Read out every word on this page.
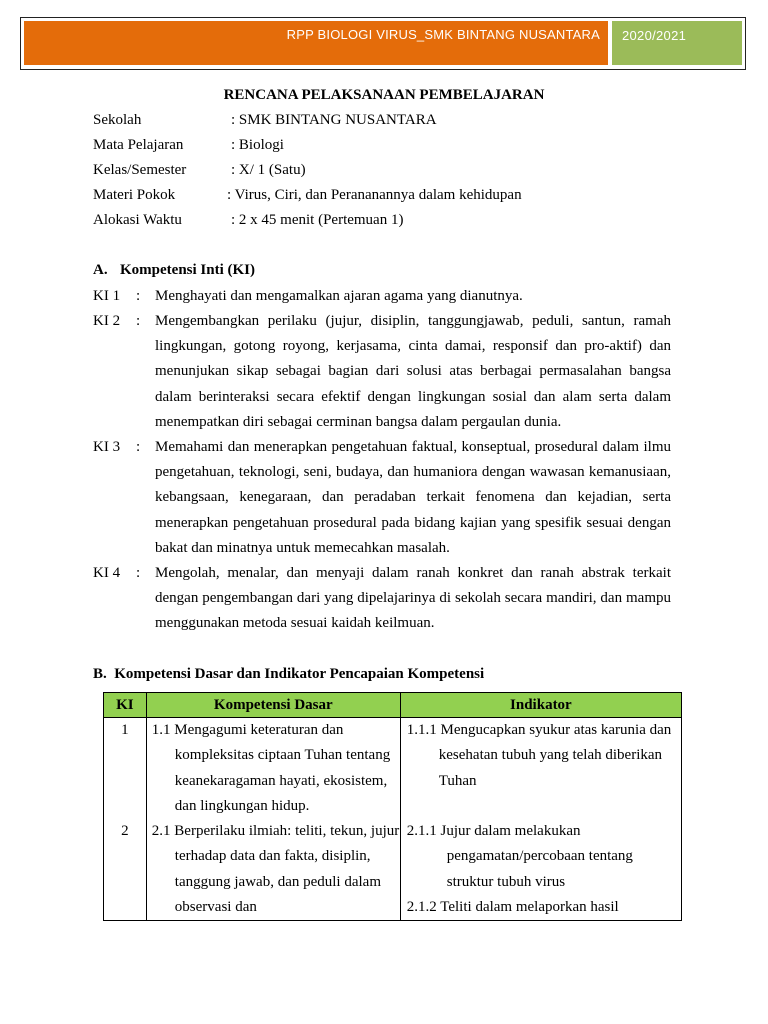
RPP BIOLOGI VIRUS_SMK BINTANG NUSANTARA	2020/2021
RENCANA PELAKSANAAN PEMBELAJARAN
Sekolah	: SMK BINTANG NUSANTARA
Mata Pelajaran	: Biologi
Kelas/Semester	: X/ 1 (Satu)
Materi Pokok	: Virus, Ciri, dan Perananannya dalam kehidupan
Alokasi Waktu	: 2 x 45 menit (Pertemuan 1)
A. Kompetensi Inti (KI)
KI 1 : Menghayati dan mengamalkan ajaran agama yang dianutnya.
KI 2 : Mengembangkan perilaku (jujur, disiplin, tanggungjawab, peduli, santun, ramah lingkungan, gotong royong, kerjasama, cinta damai, responsif dan pro-aktif) dan menunjukan sikap sebagai bagian dari solusi atas berbagai permasalahan bangsa dalam berinteraksi secara efektif dengan lingkungan sosial dan alam serta dalam menempatkan diri sebagai cerminan bangsa dalam pergaulan dunia.
KI 3 : Memahami dan menerapkan pengetahuan faktual, konseptual, prosedural dalam ilmu pengetahuan, teknologi, seni, budaya, dan humaniora dengan wawasan kemanusiaan, kebangsaan, kenegaraan, dan peradaban terkait fenomena dan kejadian, serta menerapkan pengetahuan prosedural pada bidang kajian yang spesifik sesuai dengan bakat dan minatnya untuk memecahkan masalah.
KI 4 : Mengolah, menalar, dan menyaji dalam ranah konkret dan ranah abstrak terkait dengan pengembangan dari yang dipelajarinya di sekolah secara mandiri, dan mampu menggunakan metoda sesuai kaidah keilmuan.
B. Kompetensi Dasar dan Indikator Pencapaian Kompetensi
KI	Kompetensi Dasar	Indikator
1	1.1 Mengagumi keteraturan dan kompleksitas ciptaan Tuhan tentang keanekaragaman hayati, ekosistem, dan lingkungan hidup.	1.1.1 Mengucapkan syukur atas karunia dan kesehatan tubuh yang telah diberikan Tuhan

2	2.1 Berperilaku ilmiah: teliti, tekun, jujur terhadap data dan fakta, disiplin, tanggung jawab, dan peduli dalam observasi dan	2.1.1 Jujur dalam melakukan pengamatan/percobaan tentang struktur tubuh virus
2.1.2 Teliti dalam melaporkan hasil
